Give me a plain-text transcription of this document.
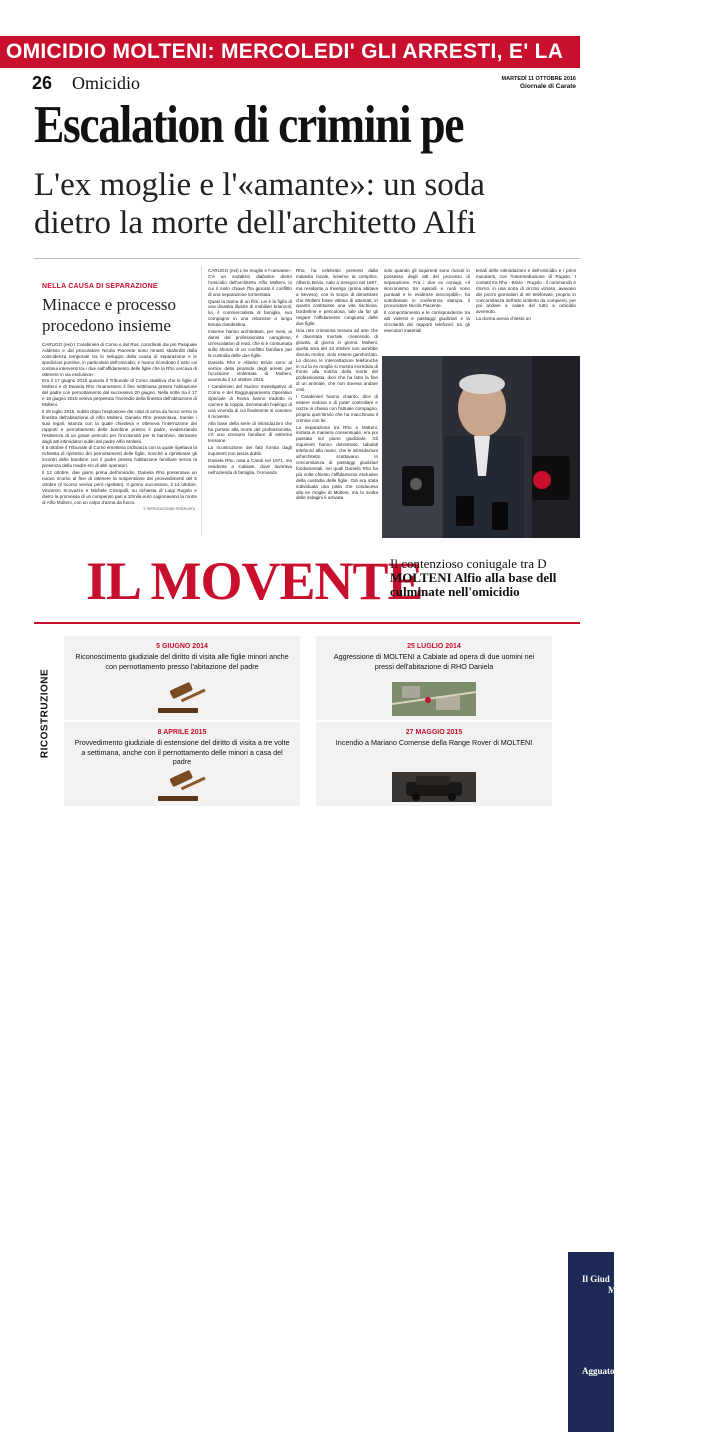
OMICIDIO MOLTENI: MERCOLEDI' GLI ARRESTI, E' LA
26 Omicidio	MARTEDÌ 11 OTTOBRE 2016
Giornale di Carate
Escalation di crimini pe
L'ex moglie e l'«amante»: un soda
dietro la morte dell'architetto Alfi
NELLA CAUSA DI SEPARAZIONE
Minacce e processo
procedono insieme

CARUGO (ext) I Carabinieri di Como e del Ros, coordinati dai pm Pasquale Addesso e dal procuratore Nicola Piacente sono rimasti sbalorditi dalla coincidenza temporale tra lo sviluppo della causa di separazione e le spedizioni punitive, in particolare dell'omicidio, e hanno ricondotto il tutto «ai continui interventi tra i due sull'affidamento delle figlie che la Rho cercava di ottenere in via esclusiva».

Era il 17 giugno 2015 quando il Tribunale di Como stabiliva che le figlie di Molteni e di Daniela Rho rimanessero il fine settimana presso l'abitazione del padre con pernottamento dal successivo 20 giugno. Nella notte tra il 17 e 18 giugno 2015 veniva perpetrato l'incendio della finestra dell'abitazione di Molteni.

Il 29 luglio 2015, subito dopo l'esplosione dei colpi di arma da fuoco verso la finestra dell'abitazione di Alfio Molteni, Daniela Rho presentava, tramite i suoi legali, istanza con la quale chiedeva e otteneva l'interruzione dei rapporti e pernottamenti delle bambine presso il padre, evidenziando l'esistenza di un grave pericolo per l'incolumità per le bambine, derivante dagli atti intimidatori subiti dal padre Alfio Molteni.

Il 5 ottobre il Tribunale di Como emetteva ordinanza con la quale rigettava la richiesta di ripristino dei pernottamenti delle figlie, nonché a ripristinare gli incontri delle bambine con il padre presso l'abitazione familiare senza la presenza della madre e/o di altri operatori.

Il 12 ottobre, due giorni prima dell'omicidio, Daniela Rho presentava un nuovo ricorso al fine di ottenere la sospensione dei provvedimenti del 5 ottobre (il ricorso veniva però rigettato). Il giorno successivo, il 14 ottobre, Vincenzo Scovazzo e Michele Crisopulli, su richiesta di Luigi Rugolo e dietro la promessa di un compenso pari a 10mila euro cagionavano la morte di Alfio Molteni, con un colpo d'arma da fuoco.

© RIPRODUZIONE RISERVATA

CARUGO (ext) L'ex moglie e l'«amante». C'è un sodalizio diabolico dietro l'omicidio dell'architetto Alfio Molteni, in cui il ruolo chiave l'ha giocato il conflitto di una separazione tormentata.

Quasi la trama di un film. Lei è la figlia di una dinastia illustre di mobilieri brianzoli; lui, il commercialista di famiglia, suo compagno in una relazione a lungo tenuta clandestina.

Insieme hanno architettato, per mesi, ai danni del professionista carughese, un'escalation di reati, che si è consumata sullo sfondo di un conflitto familiare per la custodia delle due figlie.

Daniela Rho e Alberto Brivio sono al vertice della piramide degli arresti per l'uccisione violentata di Molteni, avvenuta il 14 ottobre 2015.

I Carabinieri del Nucleo Investigativo di Como e del Raggruppamento Operativo Speciale di Roma hanno tradotto in carcere la coppia, decretando l'epilogo di una vicenda di cui finalmente si conosce il movente.

Alla base della serie di intimidazioni che ha portato alla morte del professionista, c'è uno scenario familiare di estrema tensione.

La ricostruzione dei fatti fornita dagli inquirenti non lascia dubbi.

Daniela Rho, nata a Cantù nel 1971, ma residente a Cabiate, dove lavorava nell'azienda di famiglia, l'Armando

Rho, ha celebrato presenti dalla malavita locale, insieme al complice, Alberto Brivio, nato a Seregno nel 1967, ma residente a Inverigo (prima abitava a Seveso), con lo scopo di dimostrare che Molteni fosse vittima di attentati, in quanto costituisse una vita rischiosa, borderline e pericolosa, tale da far gli negare l'affidamento congiunto delle due figlie.

Una rete criminosa tessuta ad arte che è diventata mortale, crescendo di gravità, di giorno in giorno. Molteni, quella sera del 14 ottobre non avrebbe dovuto morire. Solo essere gambizzato. Lo dicono le intercettazioni telefoniche in cui la ex moglie si mostra incredula di fronte alla notizia della morte del professionista, dice che ha fatto la fine di un animale, che non doveva andare così.

I Carabinieri hanno chiarito, dice di essere vedova e di poter controllare e nozze in chiesa con l'attuale compagno, proprio quel Brivio che ha macchinato il crimine con lei.

La separazione tra Rho e Molteni, iniziata in maniera consensuale, era poi passata sul piano giudiziale. Gli inquirenti hanno dimostrato, tabulati telefonici alla mano, che le intimidazioni all'architetto scattavano in concomitanza di passaggi giudiziari fondamentali, nei quali Daniela Rho ha più volte chiesto l'affidamento esclusivo della custodia delle figlie. Già era stata individuata una pista che conduceva alla ex moglie di Molteni, ma la svolta delle indagini è arrivata

solo quando gli inquirenti sono riusciti in possesso degli atti del processo di separazione. Fra i due ex coniugi, «Il sincronismo tra episodi e ruoli sono puntuali e le evidenze ineccepibili», ha sottolineato in conferenza stampa, il procuratore Nicola Piacente.

Il comportamento e le corrispondenze tra atti violenti e passaggi giudiziari e la circolarità dei rapporti telefonici tra gli esecutori materiali

teriali delle intimidazioni e dell'omicidio e i primi mandanti, con l'intermediazione di Rugolo. I contatti tra Rho - Brivio - Rugolo - il commando e ritorno, in una sorta di circolo vizioso, avevano dei picchi giornalieri di 60 telefonate, proprio in concomitanza dell'atto violento da compiersi, per poi andare a calare del tutto a omicidio avvenuto.

La donna aveva chiesto un

IL MOVENTE
Il contenzioso coniugale tra D
MOLTENI Alfio alla base dell
culminate nell'omicidio
RICOSTRUZIONE
5 GIUGNO 2014
Riconoscimento giudiziale del diritto di visita alle figlie minori anche con pernottamento presso l'abitazione del padre
25 LUGLIO 2014
Aggressione di MOLTENI a Cabiate ad opera di due uomini nei pressi dell'abitazione di RHO Daniela
8 APRILE 2015
Provvedimento giudiziale di estensione del diritto di visita a tre volte a settimana, anche con il pernottamento delle minori a casa del padre
27 MAGGIO 2015
Incendio a Mariano Comense della Range Rover di MOLTENI
Il Giud
MO
Agguato
